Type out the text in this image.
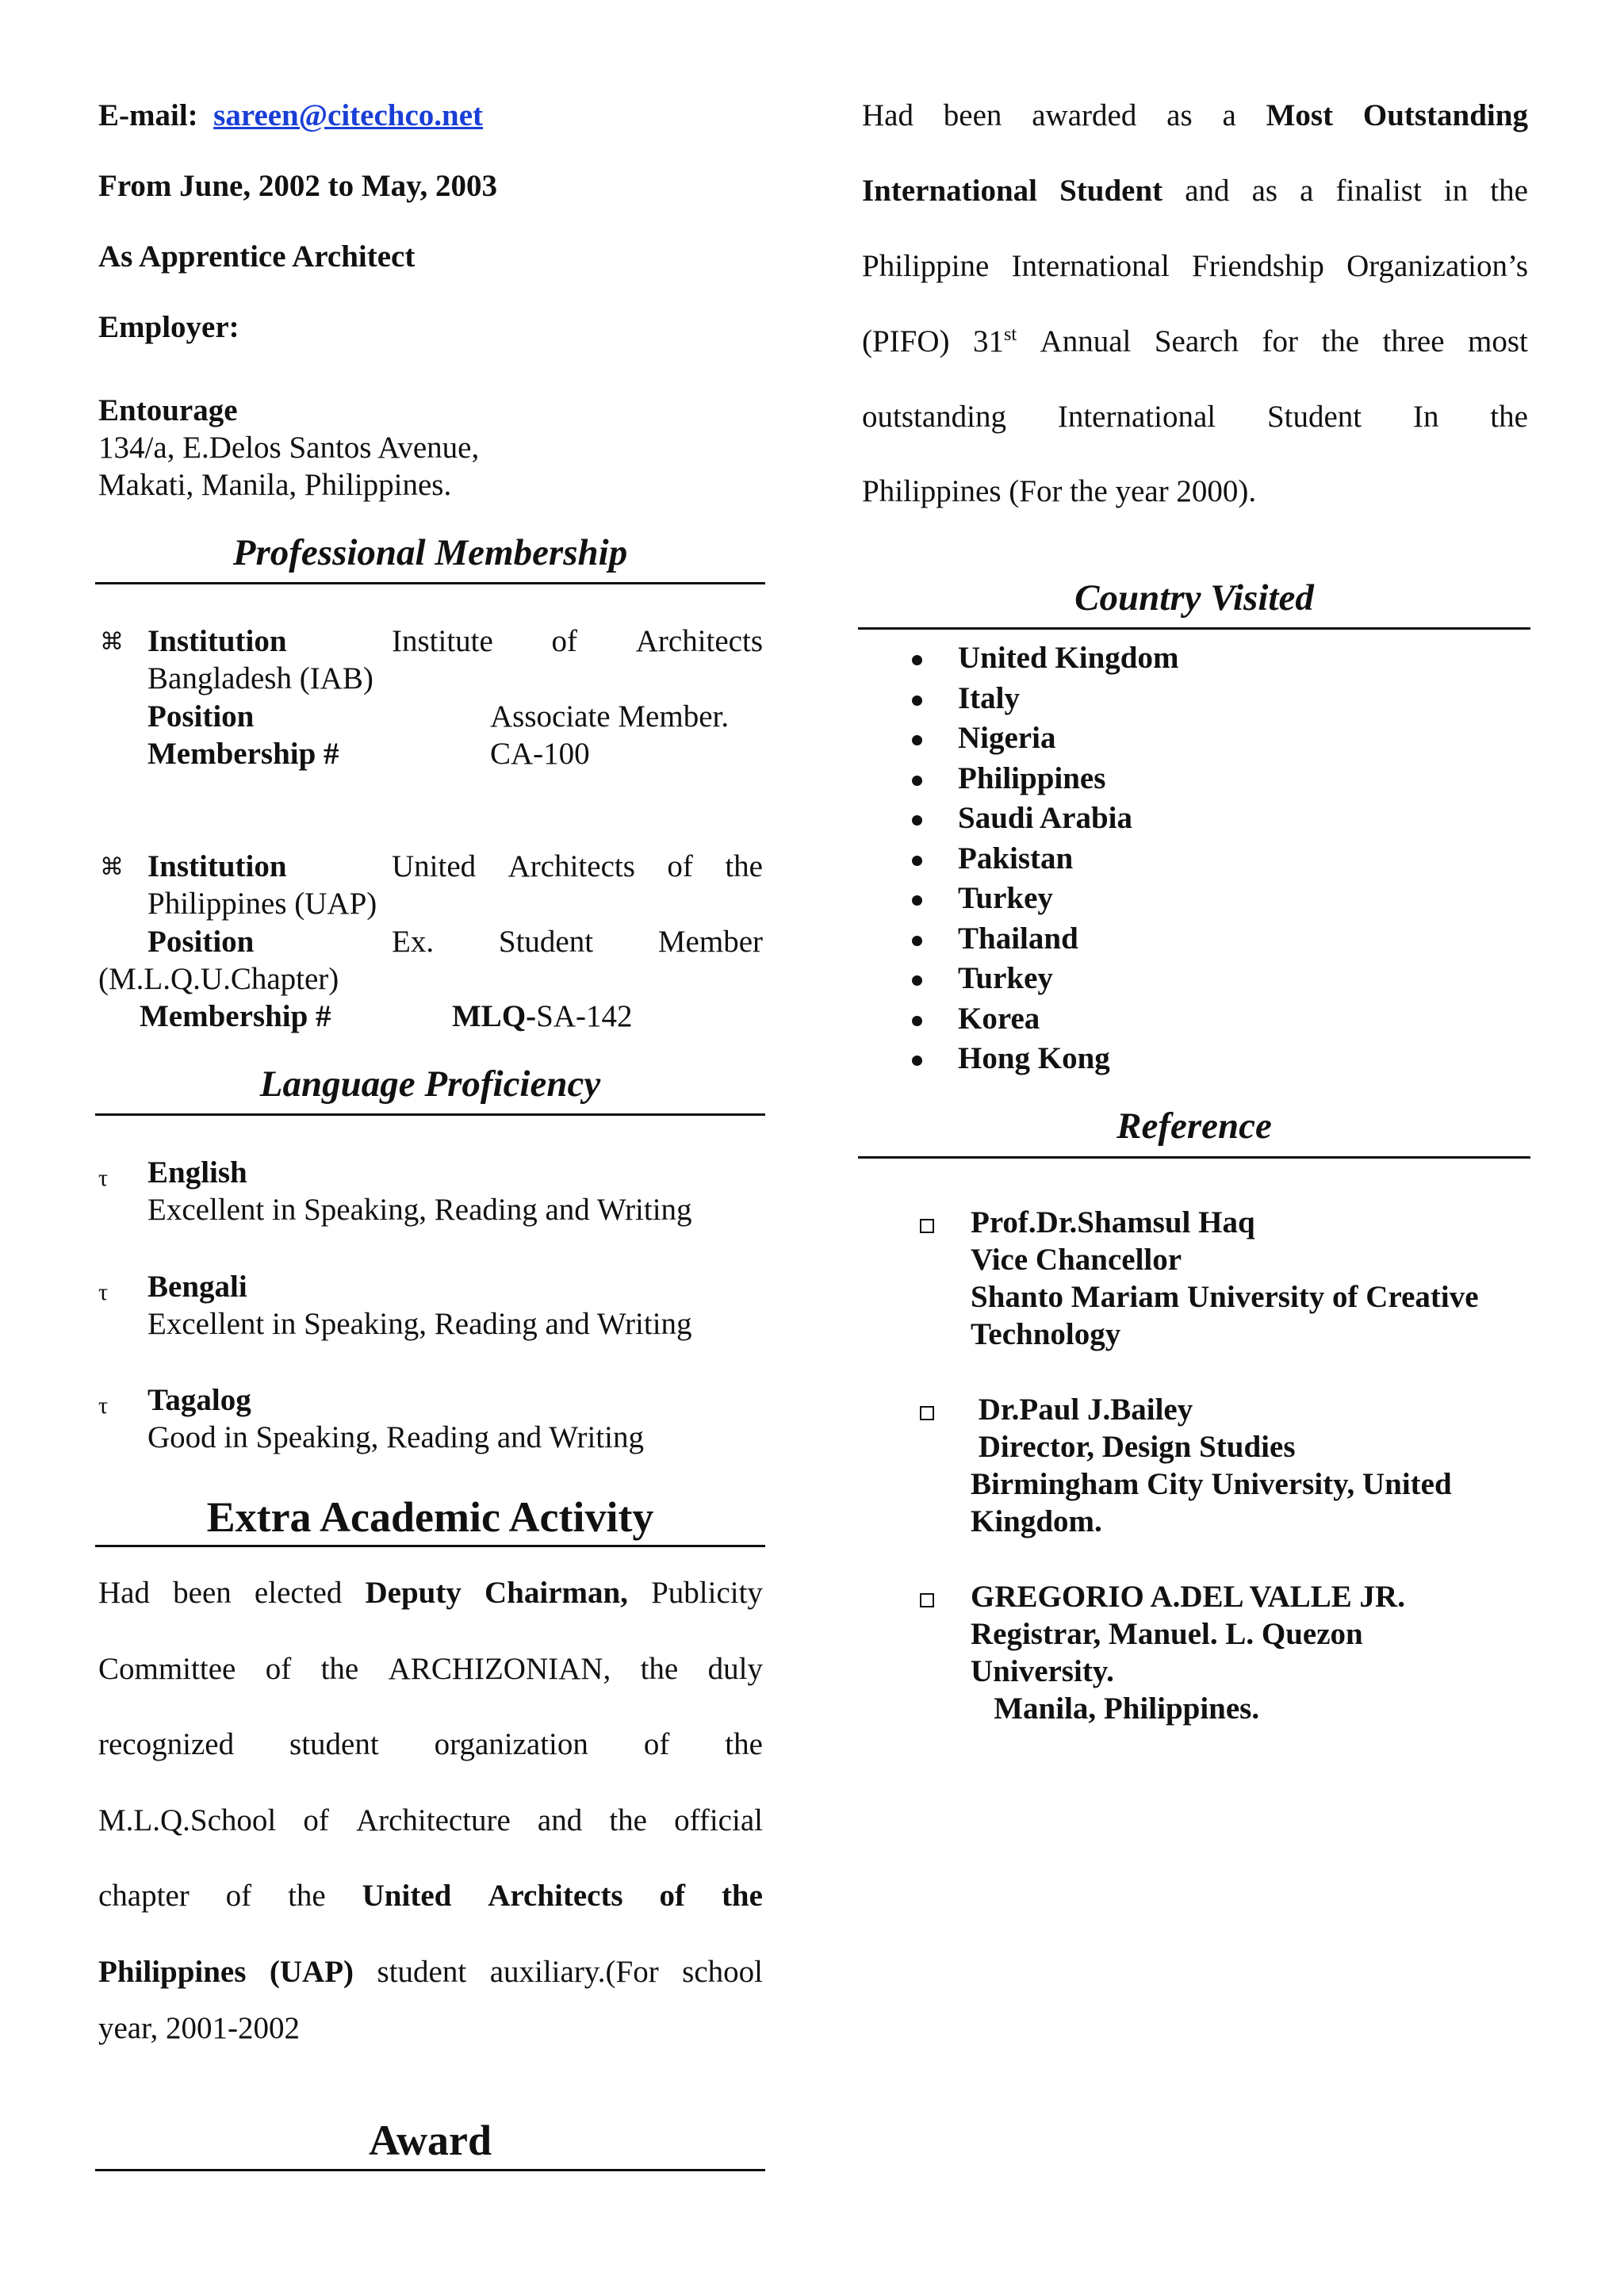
E-mail: sareen@citechco.net
From June, 2002 to May, 2003
As Apprentice Architect
Employer:
Entourage
134/a, E.Delos Santos Avenue,
Makati, Manila, Philippines.
Professional Membership
⌘ Institution	Institute of Architects
Bangladesh (IAB)
Position	Associate Member.
Membership #	CA-100
⌘ Institution	United Architects of the
Philippines (UAP)
Position	Ex. Student Member
(M.L.Q.U.Chapter)
Membership #	MLQ-SA-142
Language Proficiency
τ English
Excellent in Speaking, Reading and Writing
τ Bengali
Excellent in Speaking, Reading and Writing
τ Tagalog
Good in Speaking, Reading and Writing
Extra Academic Activity
Had been elected Deputy Chairman, Publicity
Committee of the ARCHIZONIAN, the duly
recognized student organization of the
M.L.Q.School of Architecture and the official
chapter of the United Architects of the
Philippines (UAP) student auxiliary.(For school
year, 2001-2002
Award
Had been awarded as a Most Outstanding
International Student and as a finalist in the
Philippine International Friendship Organization’s
(PIFO) 31st Annual Search for the three most
outstanding International Student In the
Philippines (For the year 2000).
Country Visited
United Kingdom
Italy
Nigeria
Philippines
Saudi Arabia
Pakistan
Turkey
Thailand
Turkey
Korea
Hong Kong
Reference
Prof.Dr.Shamsul Haq
Vice Chancellor
Shanto Mariam University of Creative
Technology
Dr.Paul J.Bailey
Director, Design Studies
Birmingham City University, United
Kingdom.
GREGORIO A.DEL VALLE JR.
Registrar, Manuel. L. Quezon
University.
Manila, Philippines.
